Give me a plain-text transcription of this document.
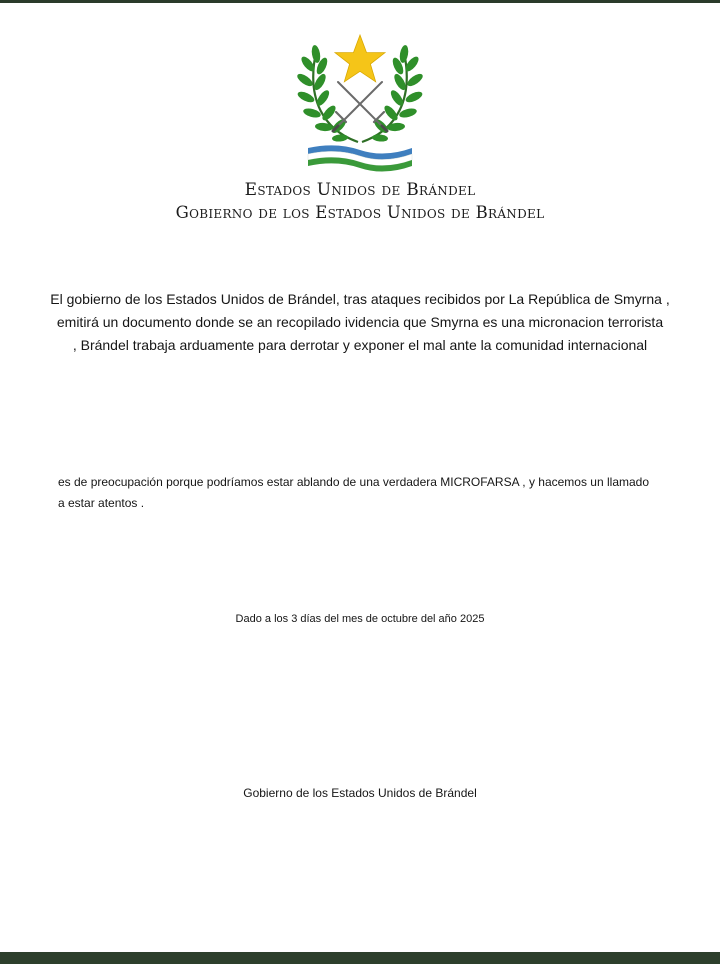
Estados Unidos de Brándel
Gobierno de los Estados Unidos de Brándel
El gobierno de los Estados Unidos de Brándel, tras ataques recibidos por La República de Smyrna ,
emitirá un documento donde se an recopilado ividencia que Smyrna es una micronacion terrorista
, Brándel trabaja arduamente para derrotar y exponer el mal ante la comunidad internacional
es de preocupación porque podríamos estar ablando de una verdadera MICROFARSA , y hacemos un llamado
a estar atentos .
Dado a los 3 días del mes de octubre del año 2025
Gobierno de los Estados Unidos de Brándel
